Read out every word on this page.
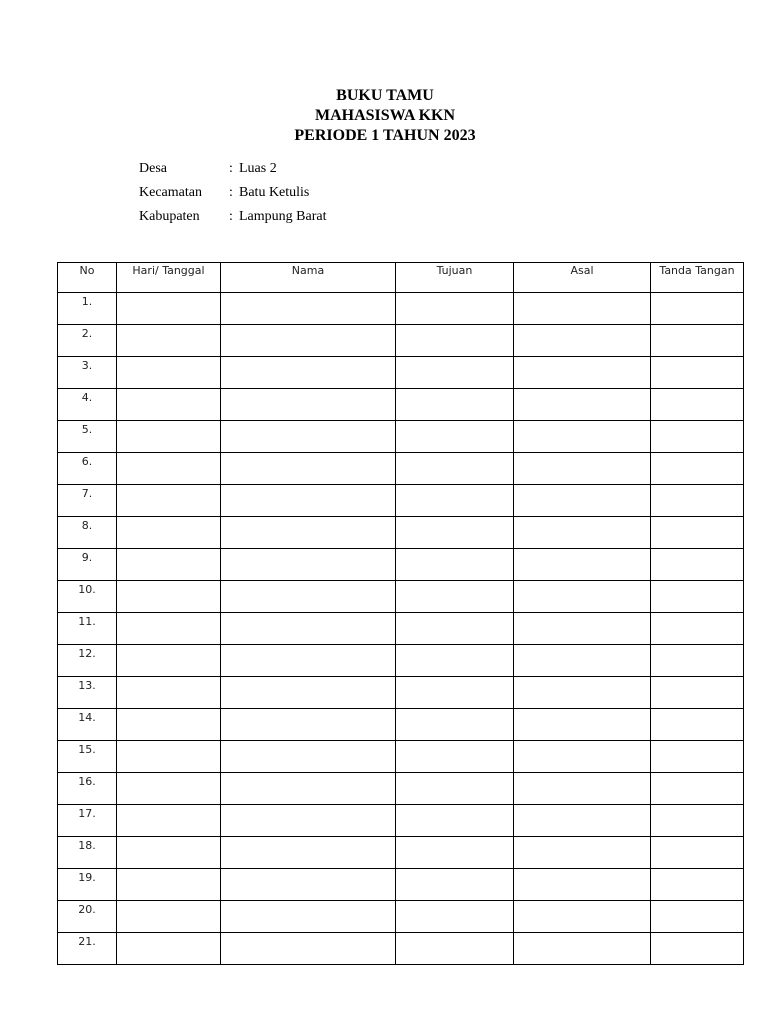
BUKU TAMU
MAHASISWA KKN
PERIODE 1 TAHUN 2023
Desa	: Luas 2
Kecamatan	: Batu Ketulis
Kabupaten	: Lampung Barat
No	Hari/ Tanggal	Nama	Tujuan	Asal	Tanda Tangan
1.					
2.					
3.					
4.					
5.					
6.					
7.					
8.					
9.					
10.					
11.					
12.					
13.					
14.					
15.					
16.					
17.					
18.					
19.					
20.					
21.					
